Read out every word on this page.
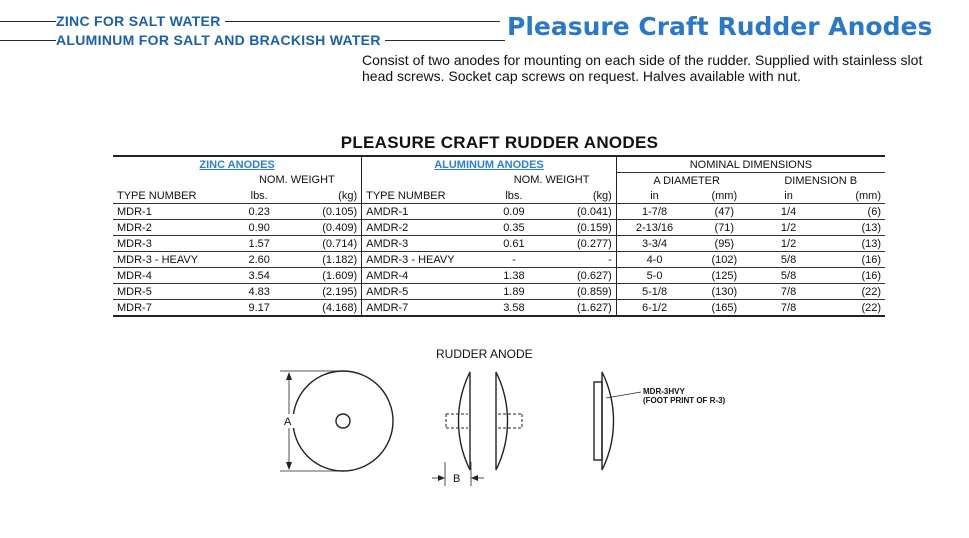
ZINC FOR SALT WATER
ALUMINUM FOR SALT AND BRACKISH WATER	Pleasure Craft Rudder Anodes
Consist of two anodes for mounting on each side of the rudder. Supplied with stainless slot head screws. Socket cap screws on request. Halves available with nut.
PLEASURE CRAFT RUDDER ANODES
ZINC ANODES			ALUMINUM ANODES			NOMINAL DIMENSIONS			
	NOM. WEIGHT			NOM. WEIGHT		A DIAMETER		DIMENSION B	
TYPE NUMBER	lbs.	(kg)	TYPE NUMBER	lbs.	(kg)	in	(mm)	in	(mm)
MDR-1	0.23	(0.105)	AMDR-1	0.09	(0.041)	1-7/8	(47)	1/4	(6)
MDR-2	0.90	(0.409)	AMDR-2	0.35	(0.159)	2-13/16	(71)	1/2	(13)
MDR-3	1.57	(0.714)	AMDR-3	0.61	(0.277)	3-3/4	(95)	1/2	(13)
MDR-3 - HEAVY	2.60	(1.182)	AMDR-3 - HEAVY	-	-	4-0	(102)	5/8	(16)
MDR-4	3.54	(1.609)	AMDR-4	1.38	(0.627)	5-0	(125)	5/8	(16)
MDR-5	4.83	(2.195)	AMDR-5	1.89	(0.859)	5-1/8	(130)	7/8	(22)
MDR-7	9.17	(4.168)	AMDR-7	3.58	(1.627)	6-1/2	(165)	7/8	(22)
RUDDER ANODE
MDR-3HVY
(FOOT PRINT OF R-3)
A
B
